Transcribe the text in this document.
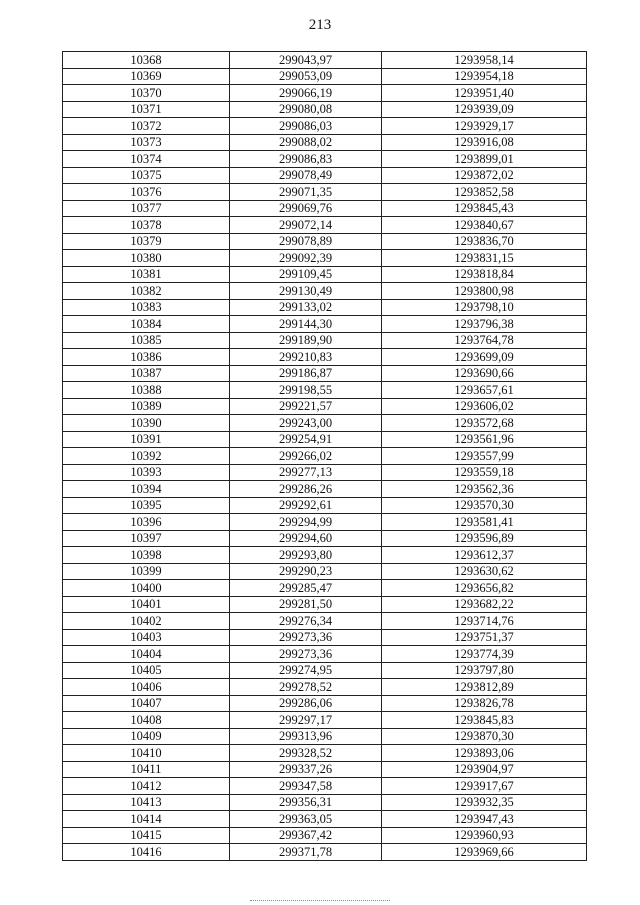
213
10368	299043,97	1293958,14
10369	299053,09	1293954,18
10370	299066,19	1293951,40
10371	299080,08	1293939,09
10372	299086,03	1293929,17
10373	299088,02	1293916,08
10374	299086,83	1293899,01
10375	299078,49	1293872,02
10376	299071,35	1293852,58
10377	299069,76	1293845,43
10378	299072,14	1293840,67
10379	299078,89	1293836,70
10380	299092,39	1293831,15
10381	299109,45	1293818,84
10382	299130,49	1293800,98
10383	299133,02	1293798,10
10384	299144,30	1293796,38
10385	299189,90	1293764,78
10386	299210,83	1293699,09
10387	299186,87	1293690,66
10388	299198,55	1293657,61
10389	299221,57	1293606,02
10390	299243,00	1293572,68
10391	299254,91	1293561,96
10392	299266,02	1293557,99
10393	299277,13	1293559,18
10394	299286,26	1293562,36
10395	299292,61	1293570,30
10396	299294,99	1293581,41
10397	299294,60	1293596,89
10398	299293,80	1293612,37
10399	299290,23	1293630,62
10400	299285,47	1293656,82
10401	299281,50	1293682,22
10402	299276,34	1293714,76
10403	299273,36	1293751,37
10404	299273,36	1293774,39
10405	299274,95	1293797,80
10406	299278,52	1293812,89
10407	299286,06	1293826,78
10408	299297,17	1293845,83
10409	299313,96	1293870,30
10410	299328,52	1293893,06
10411	299337,26	1293904,97
10412	299347,58	1293917,67
10413	299356,31	1293932,35
10414	299363,05	1293947,43
10415	299367,42	1293960,93
10416	299371,78	1293969,66
